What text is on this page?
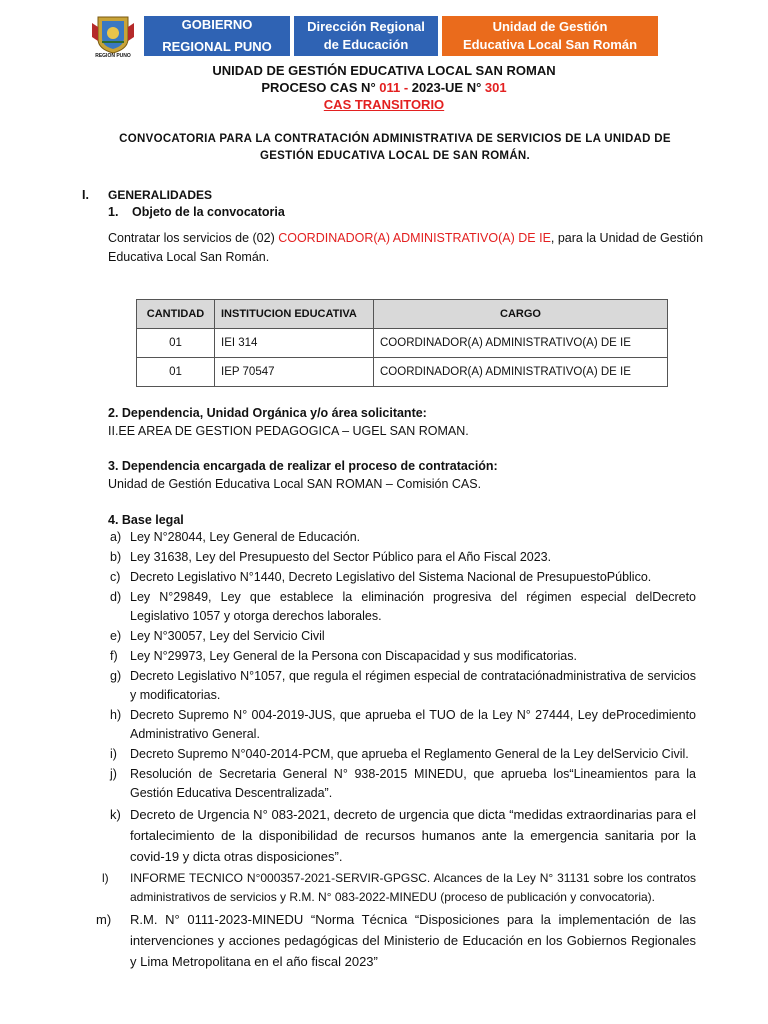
REGION PUNO
GOBIERNO
REGIONAL PUNO
Dirección Regional de Educación
Unidad de Gestión Educativa Local San Román
UNIDAD DE GESTIÓN EDUCATIVA LOCAL SAN ROMAN
PROCESO CAS N° 011 - 2023-UE N° 301
CAS TRANSITORIO
CONVOCATORIA PARA LA CONTRATACIÓN ADMINISTRATIVA DE SERVICIOS DE LA UNIDAD DE GESTIÓN EDUCATIVA LOCAL DE SAN ROMÁN.
I. GENERALIDADES
1. Objeto de la convocatoria
Contratar los servicios de (02) COORDINADOR(A) ADMINISTRATIVO(A) DE IE, para la Unidad de Gestión Educativa Local San Román.
CANTIDAD	INSTITUCION EDUCATIVA	CARGO
01	IEI 314	COORDINADOR(A) ADMINISTRATIVO(A) DE IE
01	IEP 70547	COORDINADOR(A) ADMINISTRATIVO(A) DE IE
2. Dependencia, Unidad Orgánica y/o área solicitante:
II.EE AREA DE GESTION PEDAGOGICA – UGEL SAN ROMAN.
3. Dependencia encargada de realizar el proceso de contratación:
Unidad de Gestión Educativa Local SAN ROMAN – Comisión CAS.
4. Base legal
a) Ley N°28044, Ley General de Educación.
b) Ley 31638, Ley del Presupuesto del Sector Público para el Año Fiscal 2023.
c) Decreto Legislativo N°1440, Decreto Legislativo del Sistema Nacional de PresupuestoPúblico.
d) Ley N°29849, Ley que establece la eliminación progresiva del régimen especial delDecreto Legislativo 1057 y otorga derechos laborales.
e) Ley N°30057, Ley del Servicio Civil
f) Ley N°29973, Ley General de la Persona con Discapacidad y sus modificatorias.
g) Decreto Legislativo N°1057, que regula el régimen especial de contrataciónadministrativa de servicios y modificatorias.
h) Decreto Supremo N° 004-2019-JUS, que aprueba el TUO de la Ley N° 27444, Ley deProcedimiento Administrativo General.
i) Decreto Supremo N°040-2014-PCM, que aprueba el Reglamento General de la Ley delServicio Civil.
j) Resolución de Secretaria General N° 938-2015 MINEDU, que aprueba los“Lineamientos para la Gestión Educativa Descentralizada”.
k) Decreto de Urgencia N° 083-2021, decreto de urgencia que dicta “medidas extraordinarias para el fortalecimiento de la disponibilidad de recursos humanos ante la emergencia sanitaria por la covid-19 y dicta otras disposiciones”.
l) INFORME TECNICO N°000357-2021-SERVIR-GPGSC. Alcances de la Ley N° 31131 sobre los contratos administrativos de servicios y R.M. N° 083-2022-MINEDU (proceso de publicación y convocatoria).
m) R.M. N° 0111-2023-MINEDU “Norma Técnica “Disposiciones para la implementación de las intervenciones y acciones pedagógicas del Ministerio de Educación en los Gobiernos Regionales y Lima Metropolitana en el año fiscal 2023”
